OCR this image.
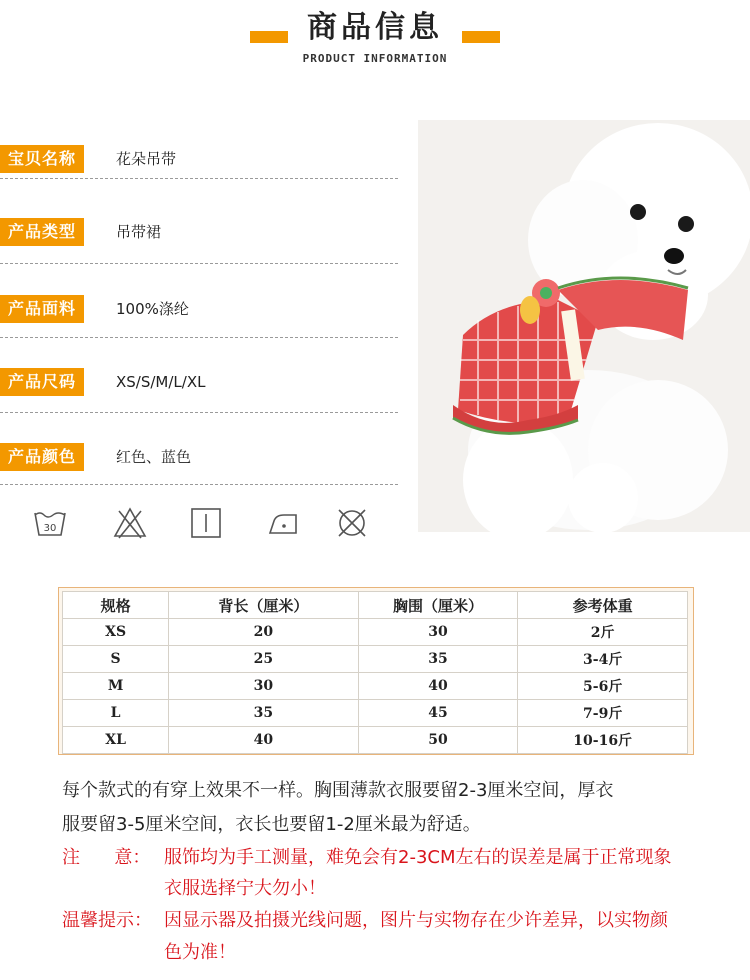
商品信息
PRODUCT INFORMATION
宝贝名称	花朵吊带
产品类型	吊带裙
产品面料	100%涤纶
产品尺码	XS/S/M/L/XL
产品颜色	红色、蓝色
30
规格	背长（厘米）	胸围（厘米）	参考体重
XS	20	30	2斤
S	25	35	3-4斤
M	30	40	5-6斤
L	35	45	7-9斤
XL	40	50	10-16斤
每个款式的有穿上效果不一样。胸围薄款衣服要留2-3厘米空间，厚衣
服要留3-5厘米空间，衣长也要留1-2厘米最为舒适。
注      意： 服饰均为手工测量，难免会有2-3CM左右的误差是属于正常现象
衣服选择宁大勿小！
温馨提示： 因显示器及拍摄光线问题，图片与实物存在少许差异，以实物颜
色为准！
